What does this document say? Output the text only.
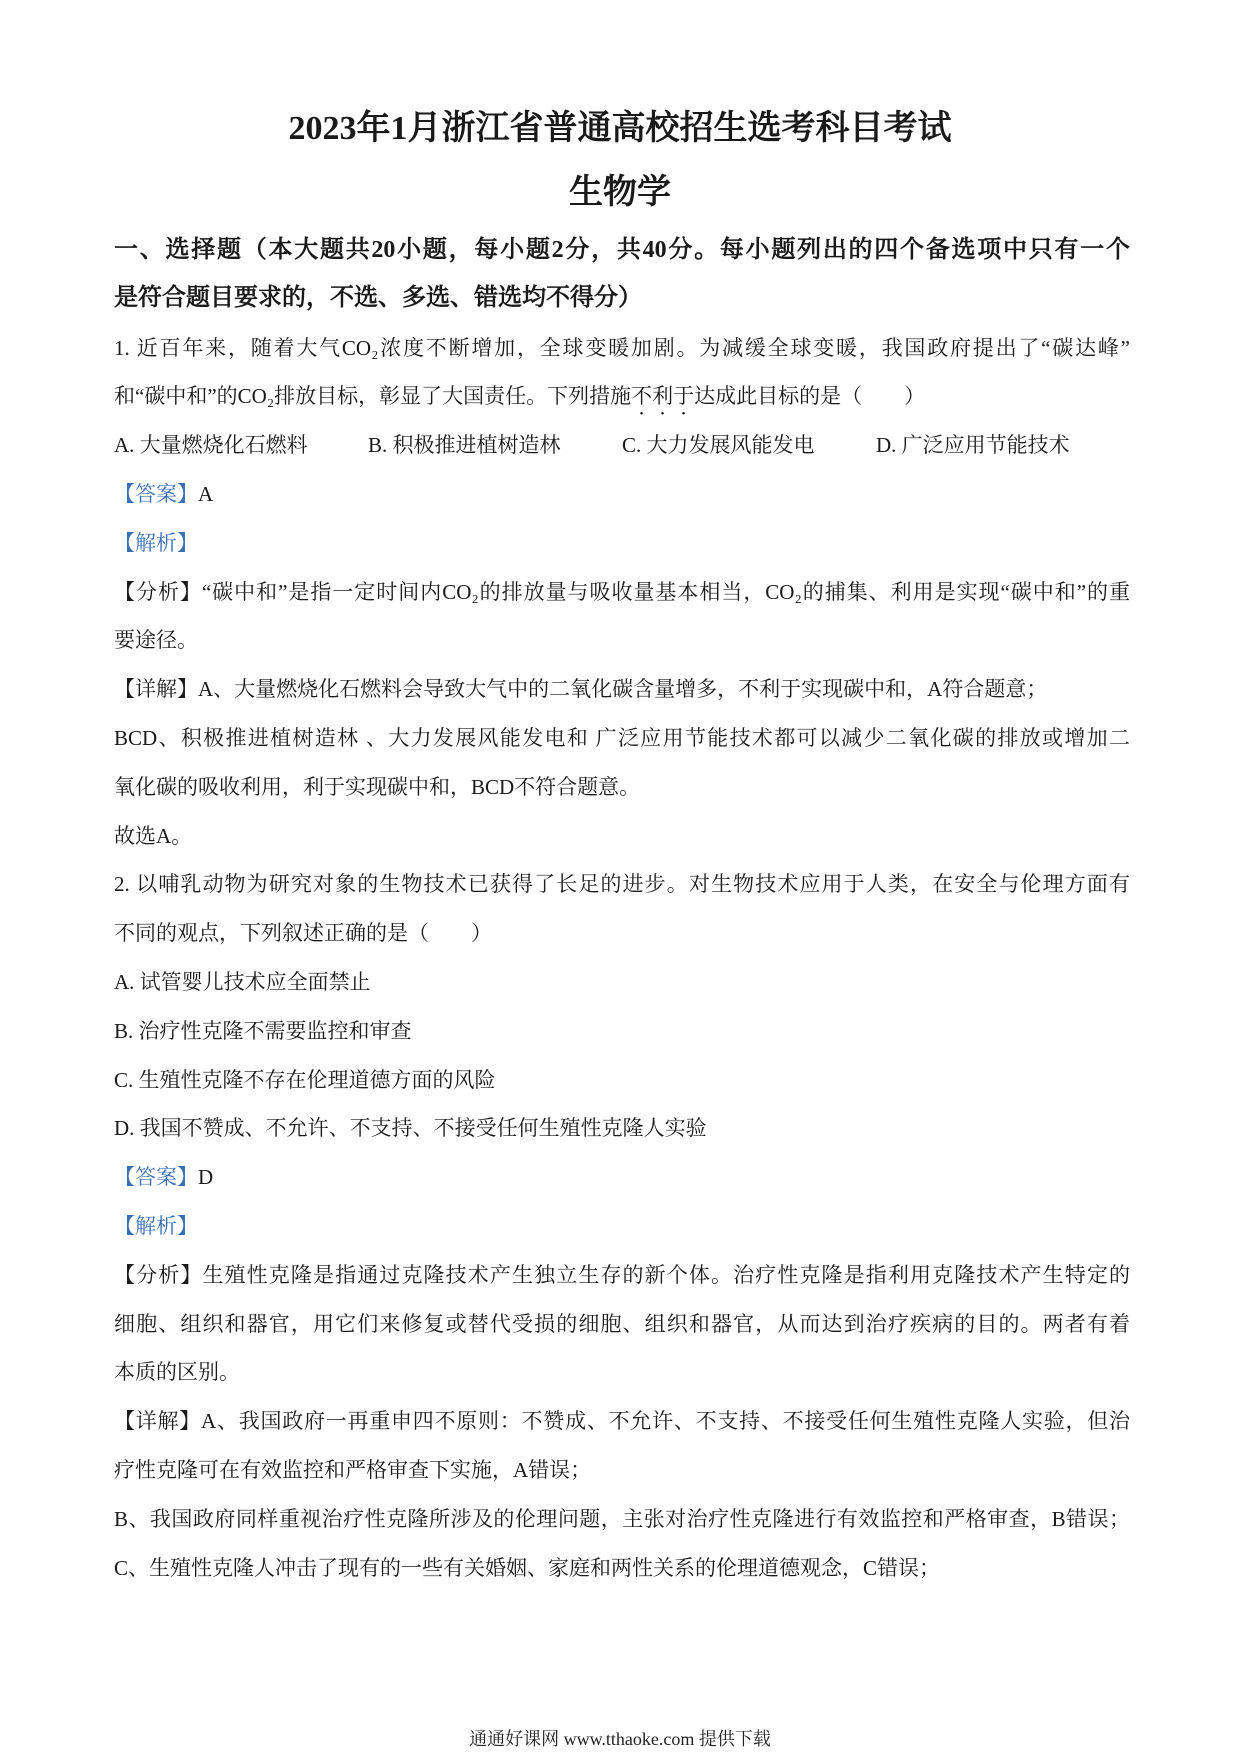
2023年1月浙江省普通高校招生选考科目考试
生物学
一、选择题（本大题共20小题，每小题2分，共40分。每小题列出的四个备选项中只有一个
是符合题目要求的，不选、多选、错选均不得分）
1. 近百年来，随着大气CO₂浓度不断增加，全球变暖加剧。为减缓全球变暖，我国政府提出了“碳达峰”
和“碳中和”的CO₂排放目标，彰显了大国责任。下列措施不利于达成此目标的是（　　）
A. 大量燃烧化石燃料	B. 积极推进植树造林	C. 大力发展风能发电	D. 广泛应用节能技术
【答案】A
【解析】
【分析】“碳中和”是指一定时间内CO₂的排放量与吸收量基本相当，CO₂的捕集、利用是实现“碳中和”的重
要途径。
【详解】A、大量燃烧化石燃料会导致大气中的二氧化碳含量增多，不利于实现碳中和，A符合题意；
BCD、积极推进植树造林 、大力发展风能发电和 广泛应用节能技术都可以减少二氧化碳的排放或增加二
氧化碳的吸收利用，利于实现碳中和，BCD不符合题意。
故选A。
2. 以哺乳动物为研究对象的生物技术已获得了长足的进步。对生物技术应用于人类，在安全与伦理方面有
不同的观点，下列叙述正确的是（　　）
A. 试管婴儿技术应全面禁止
B. 治疗性克隆不需要监控和审查
C. 生殖性克隆不存在伦理道德方面的风险
D. 我国不赞成、不允许、不支持、不接受任何生殖性克隆人实验
【答案】D
【解析】
【分析】生殖性克隆是指通过克隆技术产生独立生存的新个体。治疗性克隆是指利用克隆技术产生特定的
细胞、组织和器官，用它们来修复或替代受损的细胞、组织和器官，从而达到治疗疾病的目的。两者有着
本质的区别。
【详解】A、我国政府一再重申四不原则：不赞成、不允许、不支持、不接受任何生殖性克隆人实验，但治
疗性克隆可在有效监控和严格审查下实施，A错误；
B、我国政府同样重视治疗性克隆所涉及的伦理问题，主张对治疗性克隆进行有效监控和严格审查，B错误；
C、生殖性克隆人冲击了现有的一些有关婚姻、家庭和两性关系的伦理道德观念，C错误；
通通好课网 www.tthaoke.com 提供下载
